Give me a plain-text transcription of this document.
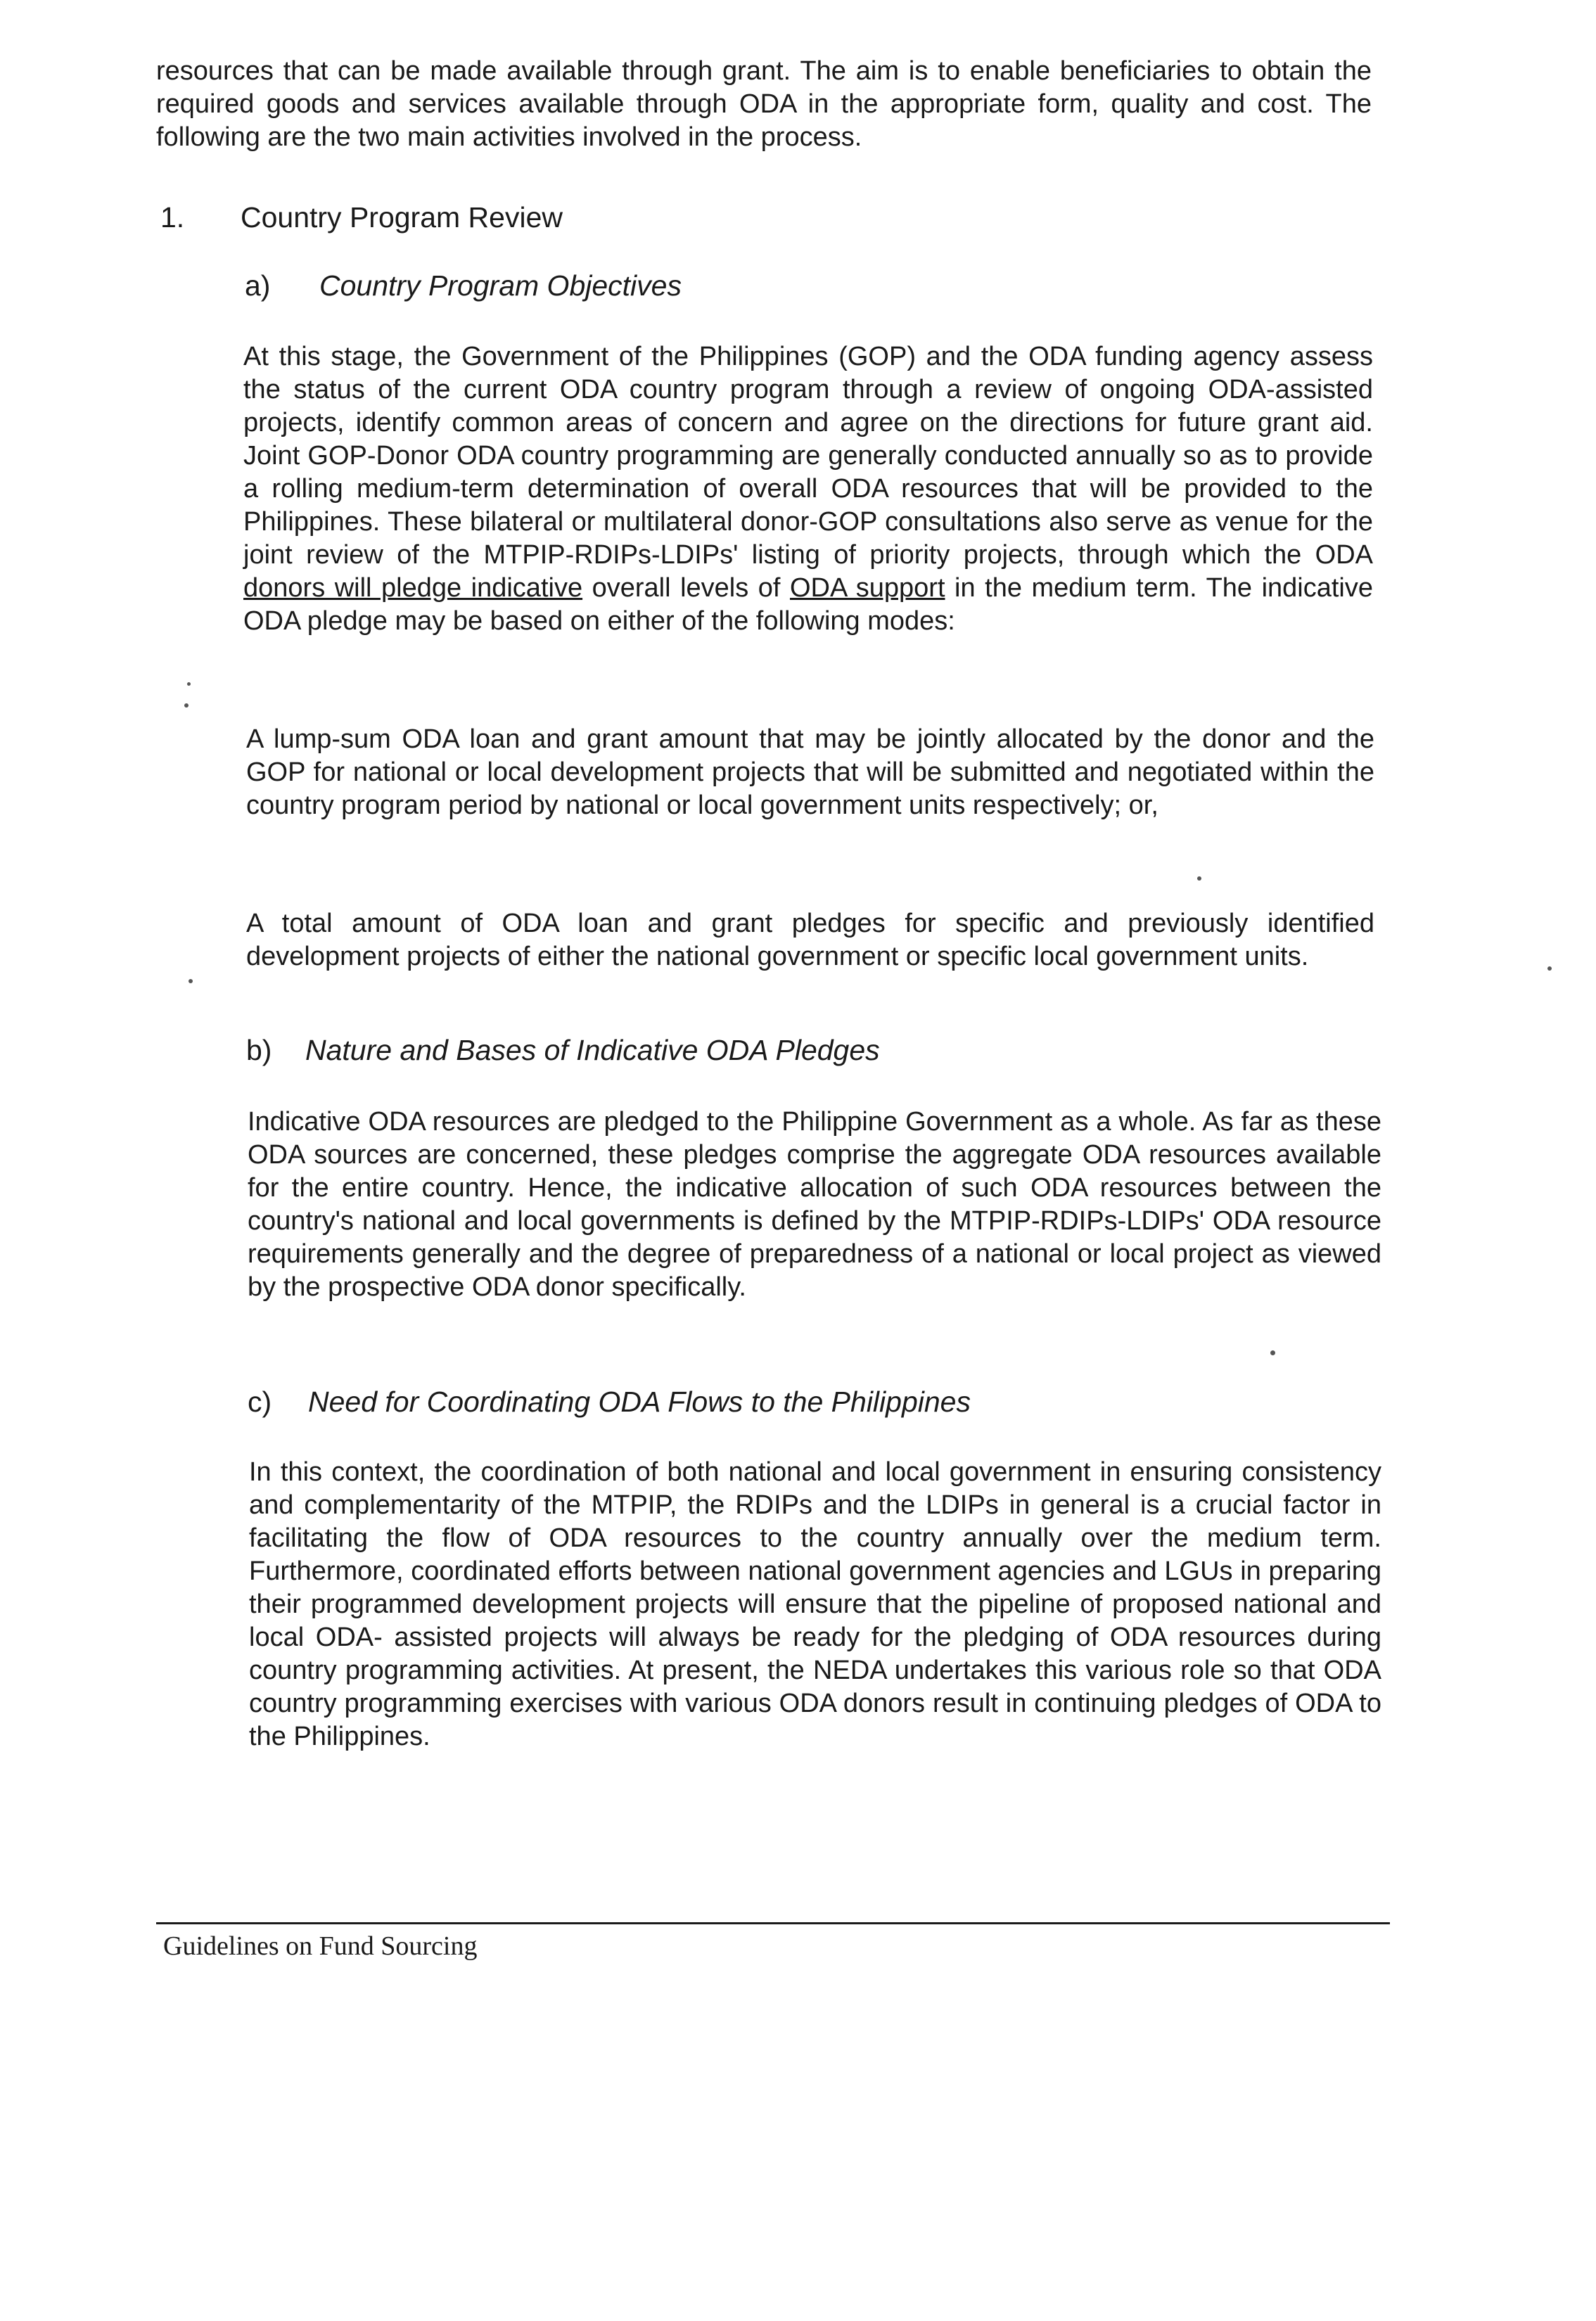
resources that can be made available through grant. The aim is to enable beneficiaries to obtain the required goods and services available through ODA in the appropriate form, quality and cost. The following are the two main activities involved in the process.

1. Country Program Review
a) Country Program Objectives

At this stage, the Government of the Philippines (GOP) and the ODA funding agency assess the status of the current ODA country program through a review of ongoing ODA-assisted projects, identify common areas of concern and agree on the directions for future grant aid. Joint GOP-Donor ODA country programming are generally conducted annually so as to provide a rolling medium-term determination of overall ODA resources that will be provided to the Philippines. These bilateral or multilateral donor-GOP consultations also serve as venue for the joint review of the MTPIP-RDIPs-LDIPs' listing of priority projects, through which the ODA donors will pledge indicative overall levels of ODA support in the medium term. The indicative ODA pledge may be based on either of the following modes:

A lump-sum ODA loan and grant amount that may be jointly allocated by the donor and the GOP for national or local development projects that will be submitted and negotiated within the country program period by national or local government units respectively; or,

A total amount of ODA loan and grant pledges for specific and previously identified development projects of either the national government or specific local government units.

b) Nature and Bases of Indicative ODA Pledges

Indicative ODA resources are pledged to the Philippine Government as a whole. As far as these ODA sources are concerned, these pledges comprise the aggregate ODA resources available for the entire country. Hence, the indicative allocation of such ODA resources between the country's national and local governments is defined by the MTPIP-RDIPs-LDIPs' ODA resource requirements generally and the degree of preparedness of a national or local project as viewed by the prospective ODA donor specifically.

c) Need for Coordinating ODA Flows to the Philippines

In this context, the coordination of both national and local government in ensuring consistency and complementarity of the MTPIP, the RDIPs and the LDIPs in general is a crucial factor in facilitating the flow of ODA resources to the country annually over the medium term. Furthermore, coordinated efforts between national government agencies and LGUs in preparing their programmed development projects will ensure that the pipeline of proposed national and local ODA- assisted projects will always be ready for the pledging of ODA resources during country programming activities. At present, the NEDA undertakes this various role so that ODA country programming exercises with various ODA donors result in continuing pledges of ODA to the Philippines.

Guidelines on Fund Sourcing
